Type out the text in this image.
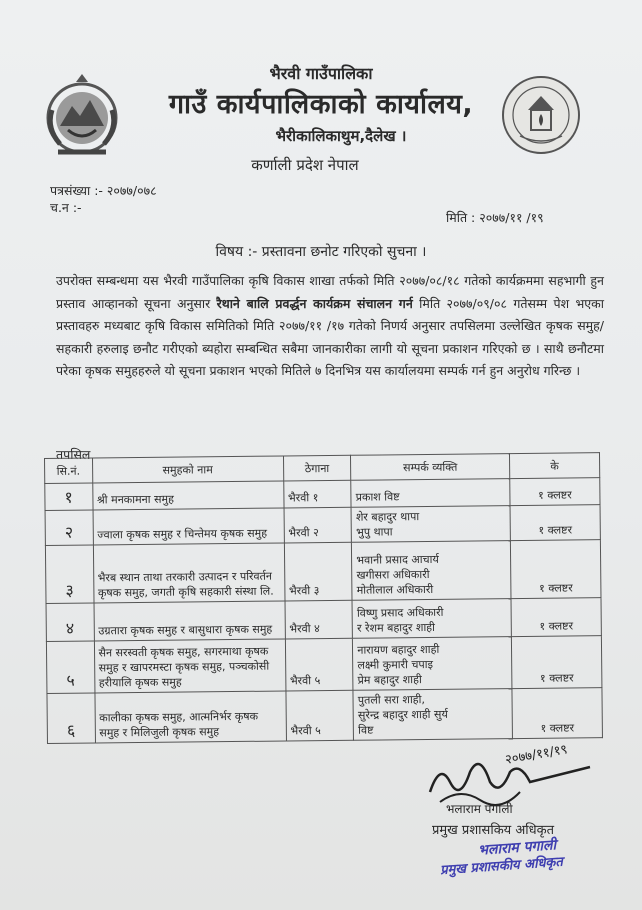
भैरवी गाउँपालिका
गाउँ कार्यपालिकाको कार्यालय,
भैरीकालिकाथुम,दैलेख ।
कर्णाली प्रदेश नेपाल
पत्रसंख्या :- २०७७/०७८
च.न :-
मिति : २०७७/११ /१९
विषय :- प्रस्तावना छनोट गरिएको सुचना ।
उपरोक्त सम्बन्धमा यस भैरवी गाउँपालिका कृषि विकास शाखा तर्फको मिति २०७७/०८/१८ गतेको कार्यक्रममा सहभागी हुन प्रस्ताव आव्हानको सूचना अनुसार रैथाने बालि प्रवर्द्धन कार्यक्रम संचालन गर्न मिति २०७७/०९/०८ गतेसम्म पेश भएका प्रस्तावहरु मध्यबाट कृषि विकास समितिको मिति २०७७/११ /१७ गतेको निणर्य अनुसार तपसिलमा उल्लेखित कृषक समुह/सहकारी हरुलाइ छनौट गरीएको ब्यहोरा सम्बन्धित सबैमा जानकारीका लागी यो सूचना प्रकाशन गरिएको छ । साथै छनौटमा परेका कृषक समुहहरुले यो सूचना प्रकाशन भएको मितिले ७ दिनभित्र यस कार्यालयमा सम्पर्क गर्न हुन अनुरोध गरिन्छ ।
तपसिल
सि.नं.	समुहको नाम	ठेगाना	सम्पर्क व्यक्ति	के
१	श्री मनकामना समुह	भैरवी १	प्रकाश विष्ट	१ क्लष्टर
२	ज्वाला कृषक समुह र चिन्तेमय कृषक समुह	भैरवी २	शेर बहादुर थापा
भुपु थापा	१ क्लष्टर
३	भैरब स्थान ताथा तरकारी उत्पादन र परिवर्तन कृषक समुह, जगती कृषि सहकारी संस्था लि.	भैरवी ३	भवानी प्रसाद आचार्य
खगीसरा अधिकारी
मोतीलाल अधिकारी	१ क्लष्टर
४	उग्रतारा कृषक समुह र बासुधारा कृषक समुह	भैरवी ४	विष्णु प्रसाद अधिकारी
र रेशम बहादुर शाही	१ क्लष्टर
५	सैन सरस्वती कृषक समुह, सगरमाथा कृषक समुह र खापरमस्टा कृषक समुह, पञ्चकोसी हरीयालि कृषक समुह	भैरवी ५	नारायण बहादुर शाही
लक्ष्मी कुमारी चपाइ
प्रेम बहादुर शाही	१ क्लष्टर
६	कालीका कृषक समुह, आत्मनिर्भर कृषक समुह र मिलिजुली कृषक समुह	भैरवी ५	पुतली सरा शाही,
सुरेन्द्र बहादुर शाही सुर्य
विष्ट	१ क्लष्टर
२०७७/११/१९
भलाराम पगाली
प्रमुख प्रशासकिय अधिकृत
भलाराम पगाली
प्रमुख प्रशासकीय अधिकृत
